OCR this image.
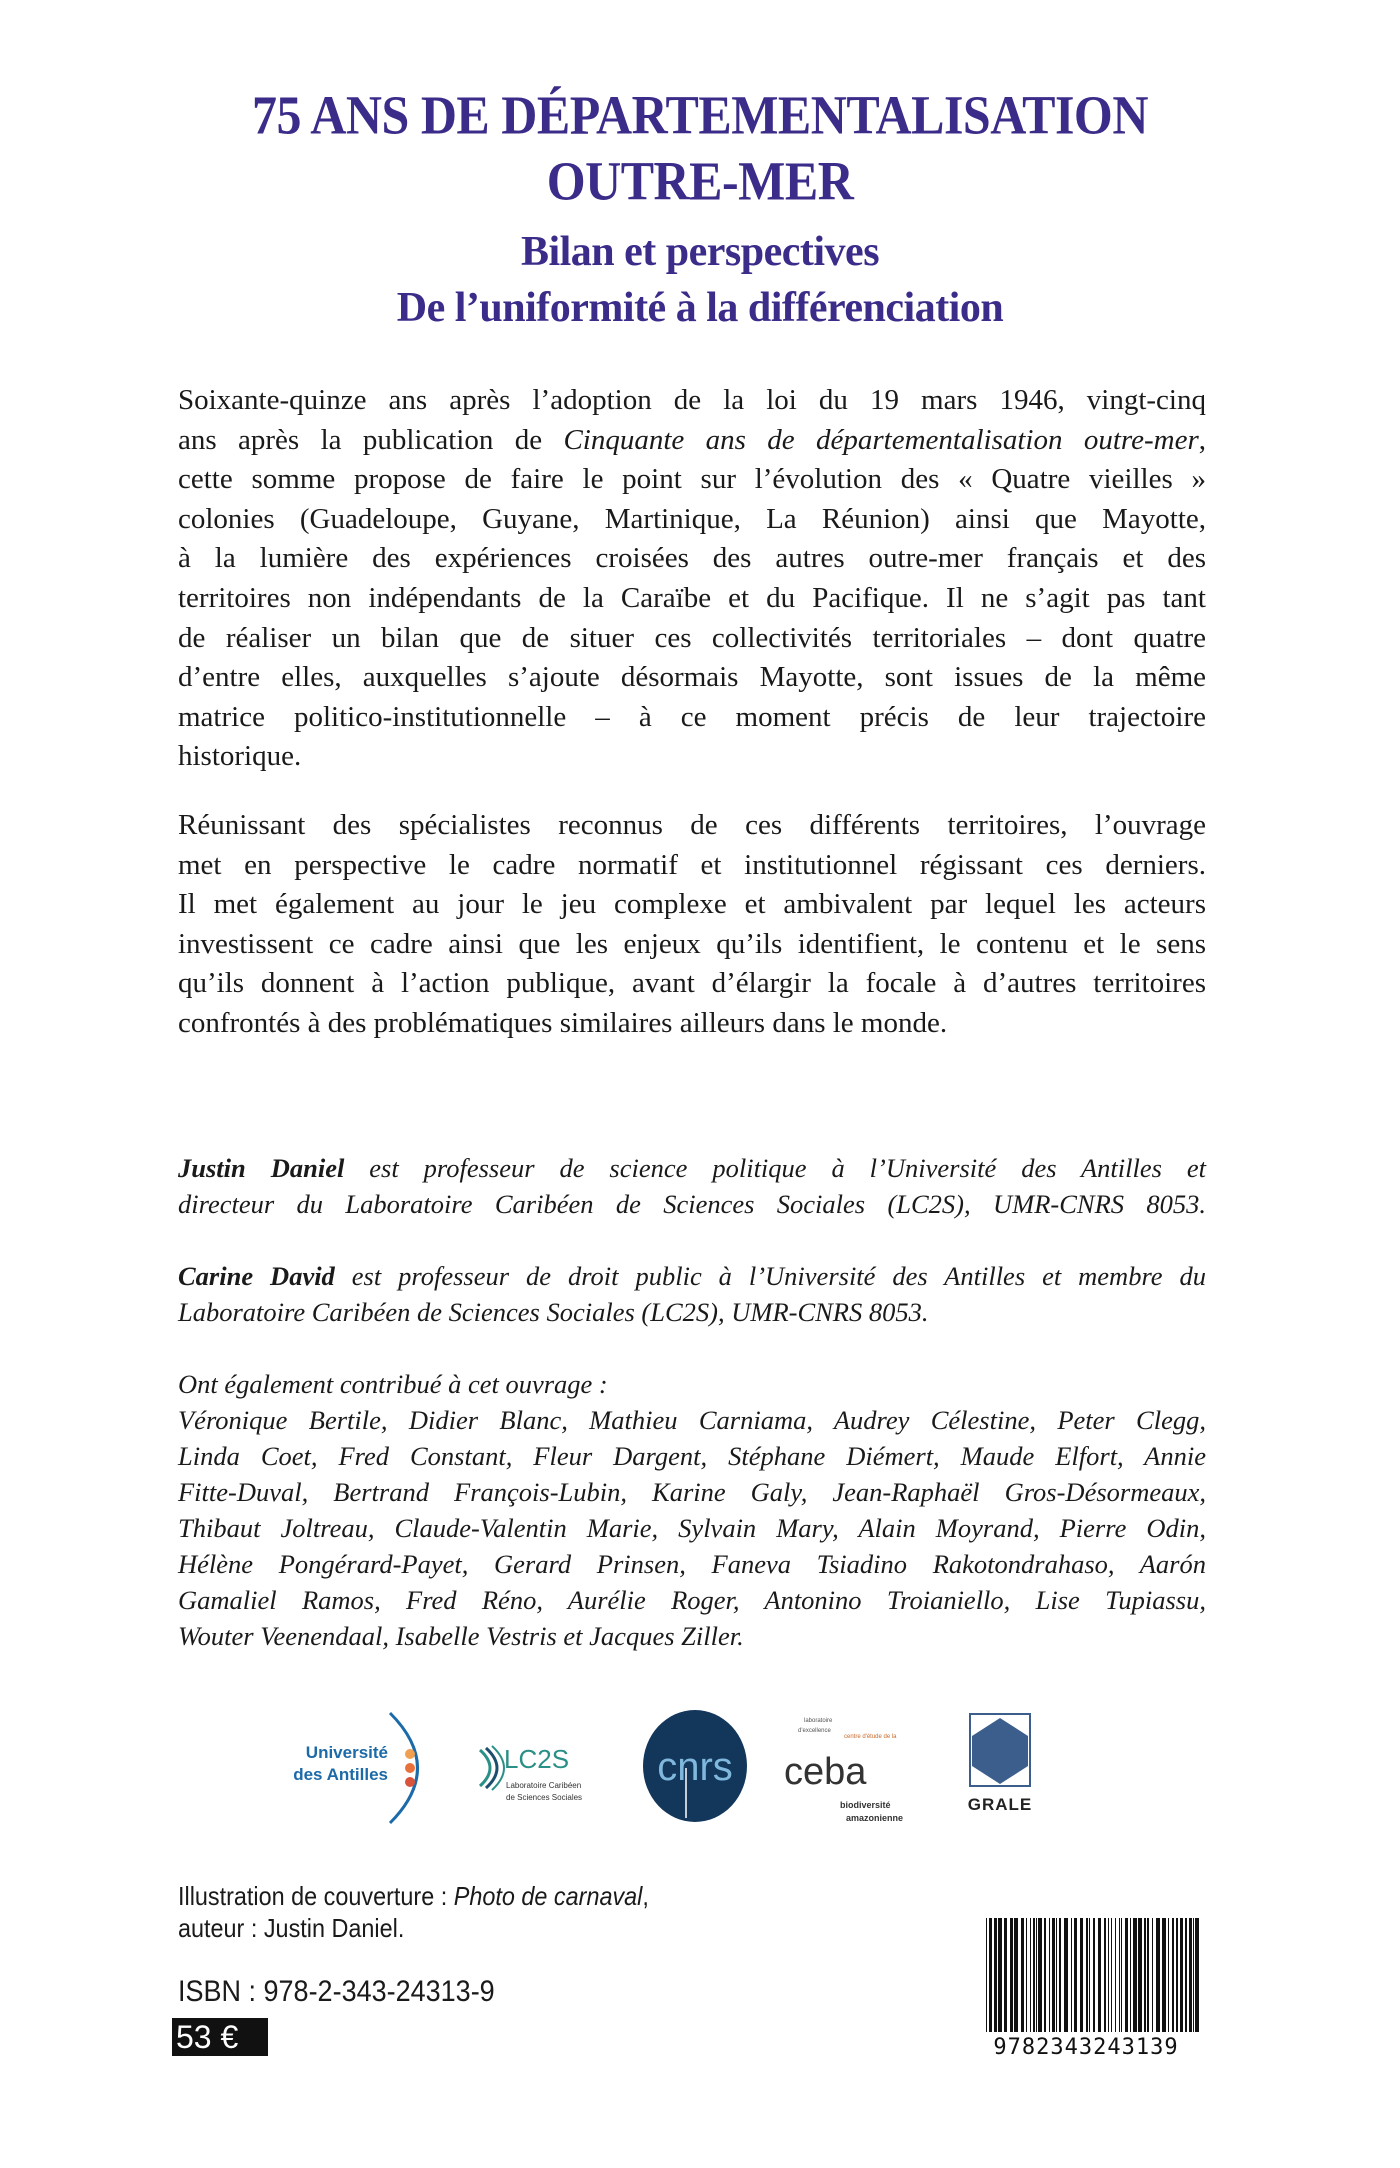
75 ANS DE DÉPARTEMENTALISATION
OUTRE-MER
Bilan et perspectives
De l’uniformité à la différenciation
Soixante-quinze ans après l’adoption de la loi du 19 mars 1946, vingt-cinq
ans après la publication de Cinquante ans de départementalisation outre-mer,
cette somme propose de faire le point sur l’évolution des « Quatre vieilles »
colonies (Guadeloupe, Guyane, Martinique, La Réunion) ainsi que Mayotte,
à la lumière des expériences croisées des autres outre-mer français et des
territoires non indépendants de la Caraïbe et du Pacifique. Il ne s’agit pas tant
de réaliser un bilan que de situer ces collectivités territoriales – dont quatre
d’entre elles, auxquelles s’ajoute désormais Mayotte, sont issues de la même
matrice politico-institutionnelle – à ce moment précis de leur trajectoire
historique.
Réunissant des spécialistes reconnus de ces différents territoires, l’ouvrage
met en perspective le cadre normatif et institutionnel régissant ces derniers.
Il met également au jour le jeu complexe et ambivalent par lequel les acteurs
investissent ce cadre ainsi que les enjeux qu’ils identifient, le contenu et le sens
qu’ils donnent à l’action publique, avant d’élargir la focale à d’autres territoires
confrontés à des problématiques similaires ailleurs dans le monde.
Justin Daniel est professeur de science politique à l’Université des Antilles et
directeur du Laboratoire Caribéen de Sciences Sociales (LC2S), UMR-CNRS 8053.
Carine David est professeur de droit public à l’Université des Antilles et membre du
Laboratoire Caribéen de Sciences Sociales (LC2S), UMR-CNRS 8053.
Ont également contribué à cet ouvrage :
Véronique Bertile, Didier Blanc, Mathieu Carniama, Audrey Célestine, Peter Clegg,
Linda Coet, Fred Constant, Fleur Dargent, Stéphane Diémert, Maude Elfort, Annie
Fitte-Duval, Bertrand François-Lubin, Karine Galy, Jean-Raphaël Gros-Désormeaux,
Thibaut Joltreau, Claude-Valentin Marie, Sylvain Mary, Alain Moyrand, Pierre Odin,
Hélène Pongérard-Payet, Gerard Prinsen, Faneva Tsiadino Rakotondrahaso, Aarón
Gamaliel Ramos, Fred Réno, Aurélie Roger, Antonino Troianiello, Lise Tupiassu,
Wouter Veenendaal, Isabelle Vestris et Jacques Ziller.
Université
des Antilles
LC2S
Laboratoire Caribéen
de Sciences Sociales
cnrs
laboratoire
d'excellence
centre d'étude de la
ceba
biodiversité
amazonienne
GRALE
Illustration de couverture : Photo de carnaval,
auteur : Justin Daniel.
ISBN : 978-2-343-24313-9
53 €	9782343243139
